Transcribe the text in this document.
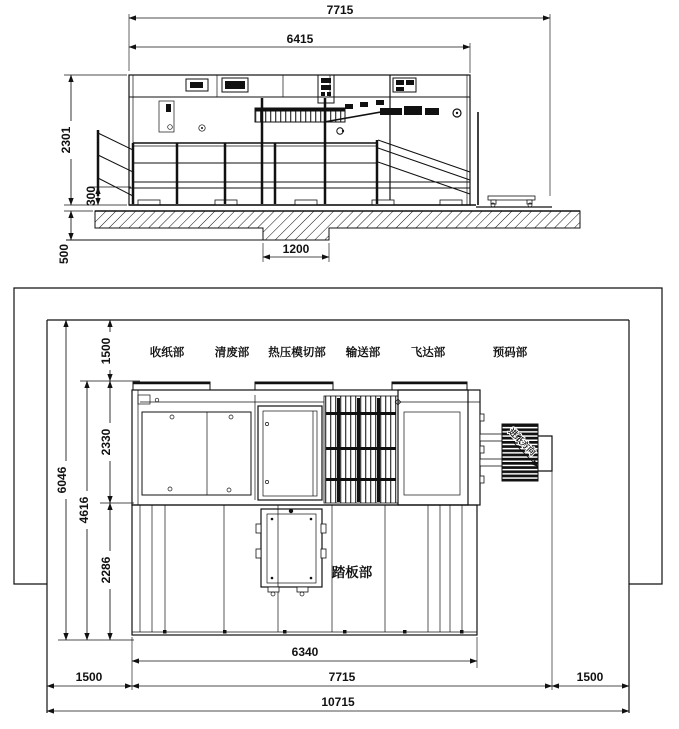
7715
6415
2301
300
500	1200
收纸部	清废部 热压模切部 输送部	飞达部	预码部
进纸方向
踏板部
6046
4616
1500
2330
2286
6340
1500	7715	1500
10715
